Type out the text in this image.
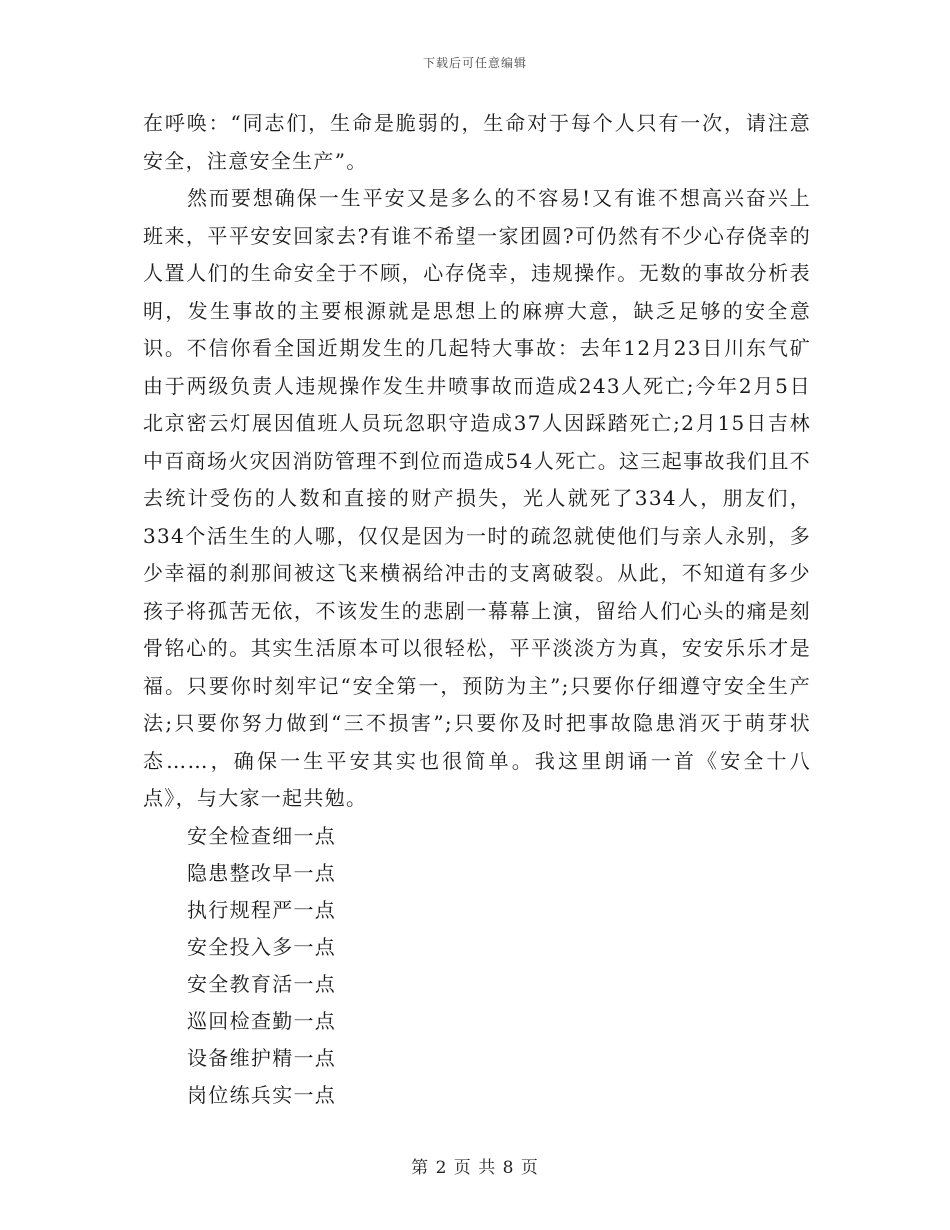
下载后可任意编辑

在呼唤：“同志们，生命是脆弱的，生命对于每个人只有一次，请注意安全，注意安全生产”。

然而要想确保一生平安又是多么的不容易!又有谁不想高兴奋兴上班来，平平安安回家去?有谁不希望一家团圆?可仍然有不少心存侥幸的人置人们的生命安全于不顾，心存侥幸，违规操作。无数的事故分析表明，发生事故的主要根源就是思想上的麻痹大意，缺乏足够的安全意识。不信你看全国近期发生的几起特大事故：去年12月23日川东气矿由于两级负责人违规操作发生井喷事故而造成243人死亡;今年2月5日北京密云灯展因值班人员玩忽职守造成37人因踩踏死亡;2月15日吉林中百商场火灾因消防管理不到位而造成54人死亡。这三起事故我们且不去统计受伤的人数和直接的财产损失，光人就死了334人，朋友们，334个活生生的人哪，仅仅是因为一时的疏忽就使他们与亲人永别，多少幸福的刹那间被这飞来横祸给冲击的支离破裂。从此，不知道有多少孩子将孤苦无依，不该发生的悲剧一幕幕上演，留给人们心头的痛是刻骨铭心的。其实生活原本可以很轻松，平平淡淡方为真，安安乐乐才是福。只要你时刻牢记“安全第一，预防为主”;只要你仔细遵守安全生产法;只要你努力做到“三不损害”;只要你及时把事故隐患消灭于萌芽状态……，确保一生平安其实也很简单。我这里朗诵一首《安全十八点》，与大家一起共勉。

安全检查细一点
隐患整改早一点
执行规程严一点
安全投入多一点
安全教育活一点
巡回检查勤一点
设备维护精一点
岗位练兵实一点
第 2 页 共 8 页
